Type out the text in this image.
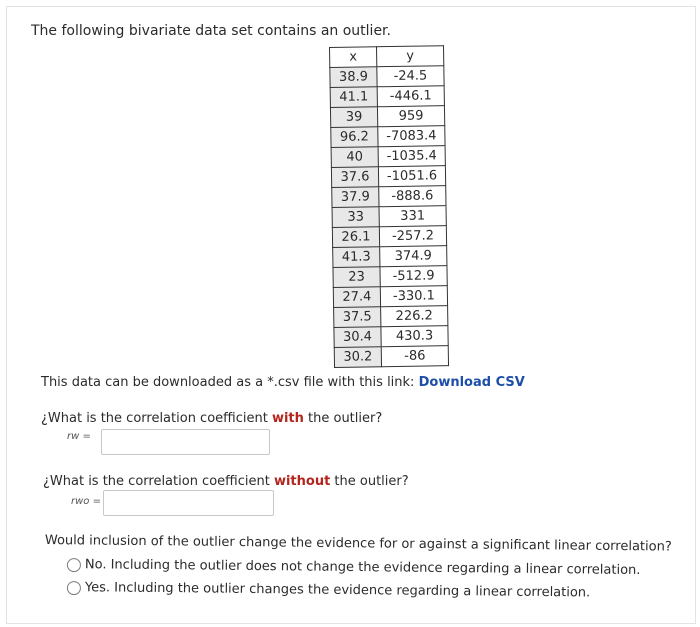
The following bivariate data set contains an outlier.
x	y
38.9	-24.5
41.1	-446.1
39	959
96.2	-7083.4
40	-1035.4
37.6	-1051.6
37.9	-888.6
33	331
26.1	-257.2
41.3	374.9
23	-512.9
27.4	-330.1
37.5	226.2
30.4	430.3
30.2	-86
This data can be downloaded as a *.csv file with this link: Download CSV
¿What is the correlation coefficient with the outlier?
rw =
¿What is the correlation coefficient without the outlier?
rwo =
Would inclusion of the outlier change the evidence for or against a significant linear correlation?
No. Including the outlier does not change the evidence regarding a linear correlation.
Yes. Including the outlier changes the evidence regarding a linear correlation.
